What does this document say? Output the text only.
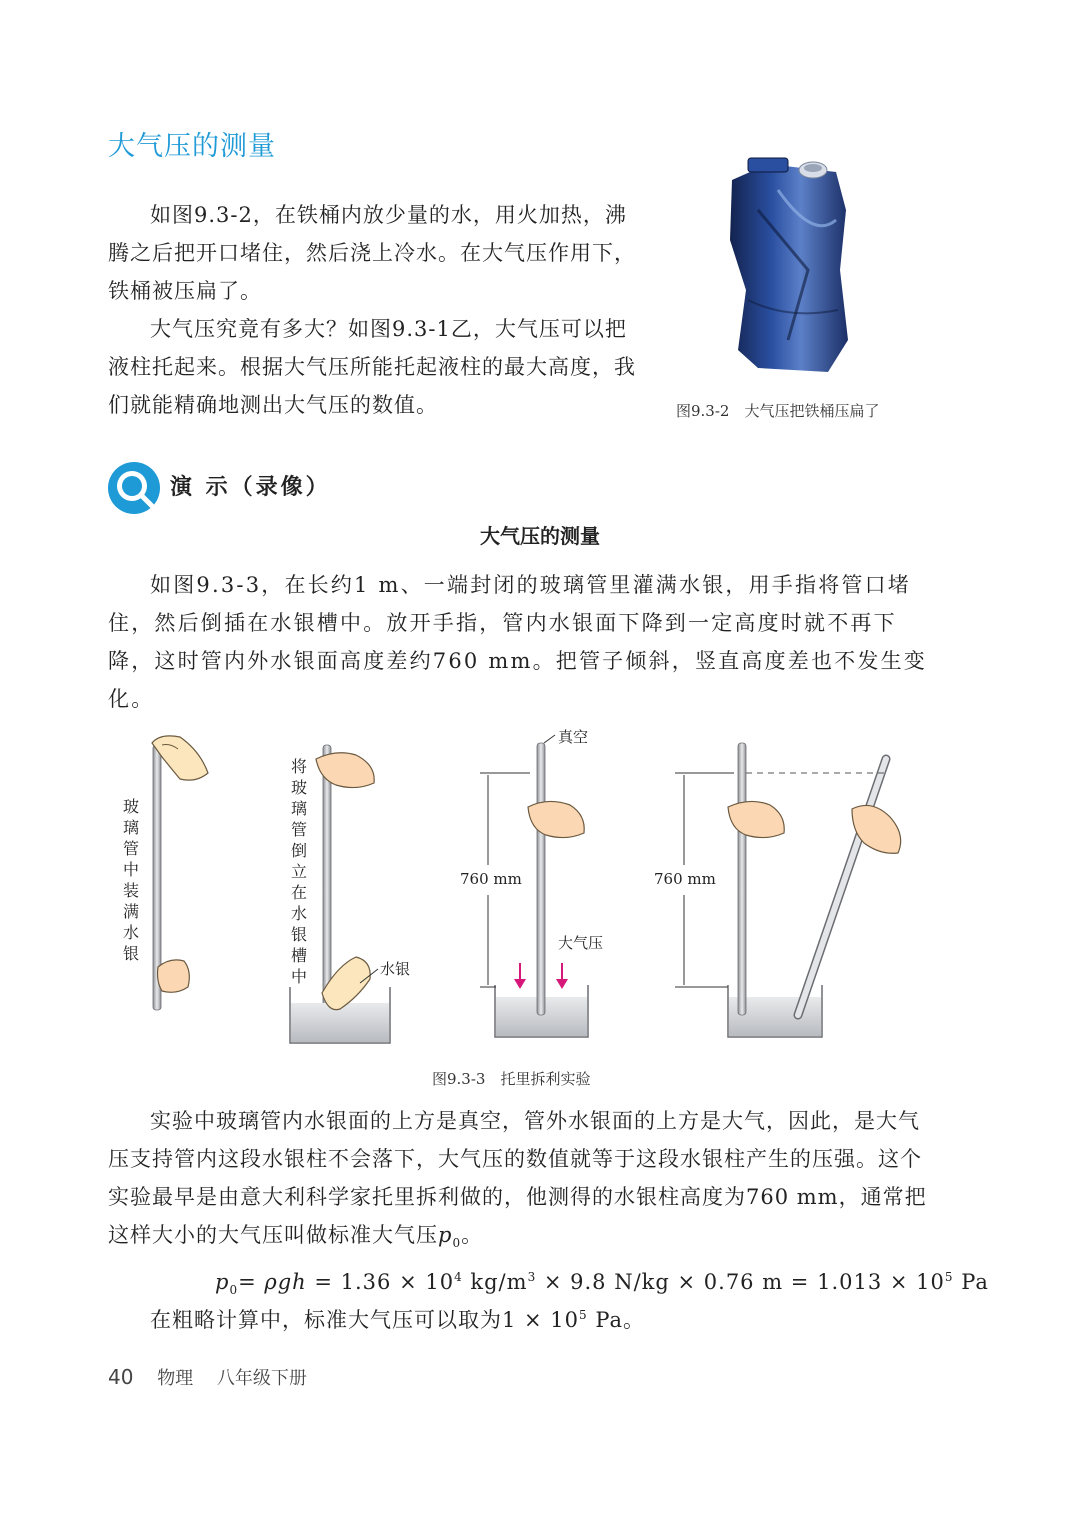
大气压的测量
如图9.3-2，在铁桶内放少量的水，用火加热，沸腾之后把开口堵住，然后浇上冷水。在大气压作用下，铁桶被压扁了。
大气压究竟有多大？如图9.3-1乙，大气压可以把液柱托起来。根据大气压所能托起液柱的最大高度，我们就能精确地测出大气压的数值。	图9.3-2　大气压把铁桶压扁了
演 示（录像）
大气压的测量
如图9.3-3，在长约1 m、一端封闭的玻璃管里灌满水银，用手指将管口堵住，然后倒插在水银槽中。放开手指，管内水银面下降到一定高度时就不再下降，这时管内外水银面高度差约760 mm。把管子倾斜，竖直高度差也不发生变化。
玻璃管中装满水银
将玻璃管倒立在水银槽中	水银
真空
大气压
760 mm	760 mm
图9.3-3　托里拆利实验
实验中玻璃管内水银面的上方是真空，管外水银面的上方是大气，因此，是大气压支持管内这段水银柱不会落下，大气压的数值就等于这段水银柱产生的压强。这个实验最早是由意大利科学家托里拆利做的，他测得的水银柱高度为760 mm，通常把这样大小的大气压叫做标准大气压$p_0$。
$p_0= \rho gh = 1.36 \times 10^4$ $kg/m^3 \times 9.8$ N/kg × 0.76 $m = 1.013 \times 10^5$ Pa
在粗略计算中，标准大气压可以取为$1 \times 10^5$ Pa。
40 物理 八年级下册
